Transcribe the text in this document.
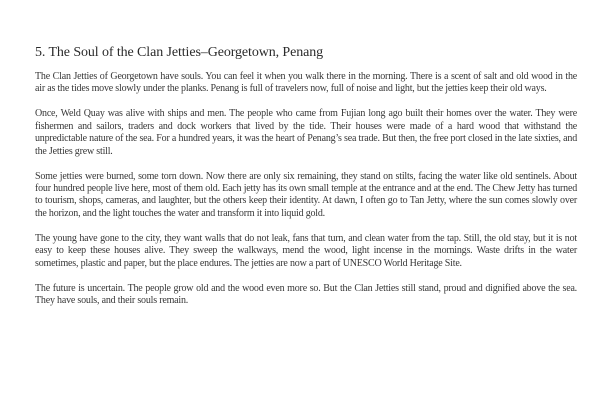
5. The Soul of the Clan Jetties–Georgetown, Penang

The Clan Jetties of Georgetown have souls. You can feel it when you walk there in the morning. There is a scent of salt and old wood in the air as the tides move slowly under the planks. Penang is full of travelers now, full of noise and light, but the jetties keep their old ways.

Once, Weld Quay was alive with ships and men. The people who came from Fujian long ago built their homes over the water. They were fishermen and sailors, traders and dock workers that lived by the tide. Their houses were made of a hard wood that withstand the unpredictable nature of the sea. For a hundred years, it was the heart of Penang’s sea trade. But then, the free port closed in the late sixties, and the Jetties grew still.

Some jetties were burned, some torn down. Now there are only six remaining, they stand on stilts, facing the water like old sentinels. About four hundred people live here, most of them old. Each jetty has its own small temple at the entrance and at the end. The Chew Jetty has turned to tourism, shops, cameras, and laughter, but the others keep their identity. At dawn, I often go to Tan Jetty, where the sun comes slowly over the horizon, and the light touches the water and transform it into liquid gold.

The young have gone to the city, they want walls that do not leak, fans that turn, and clean water from the tap. Still, the old stay, but it is not easy to keep these houses alive. They sweep the walkways, mend the wood, light incense in the mornings. Waste drifts in the water sometimes, plastic and paper, but the place endures. The jetties are now a part of UNESCO World Heritage Site.

The future is uncertain. The people grow old and the wood even more so. But the Clan Jetties still stand, proud and dignified above the sea. They have souls, and their souls remain.
